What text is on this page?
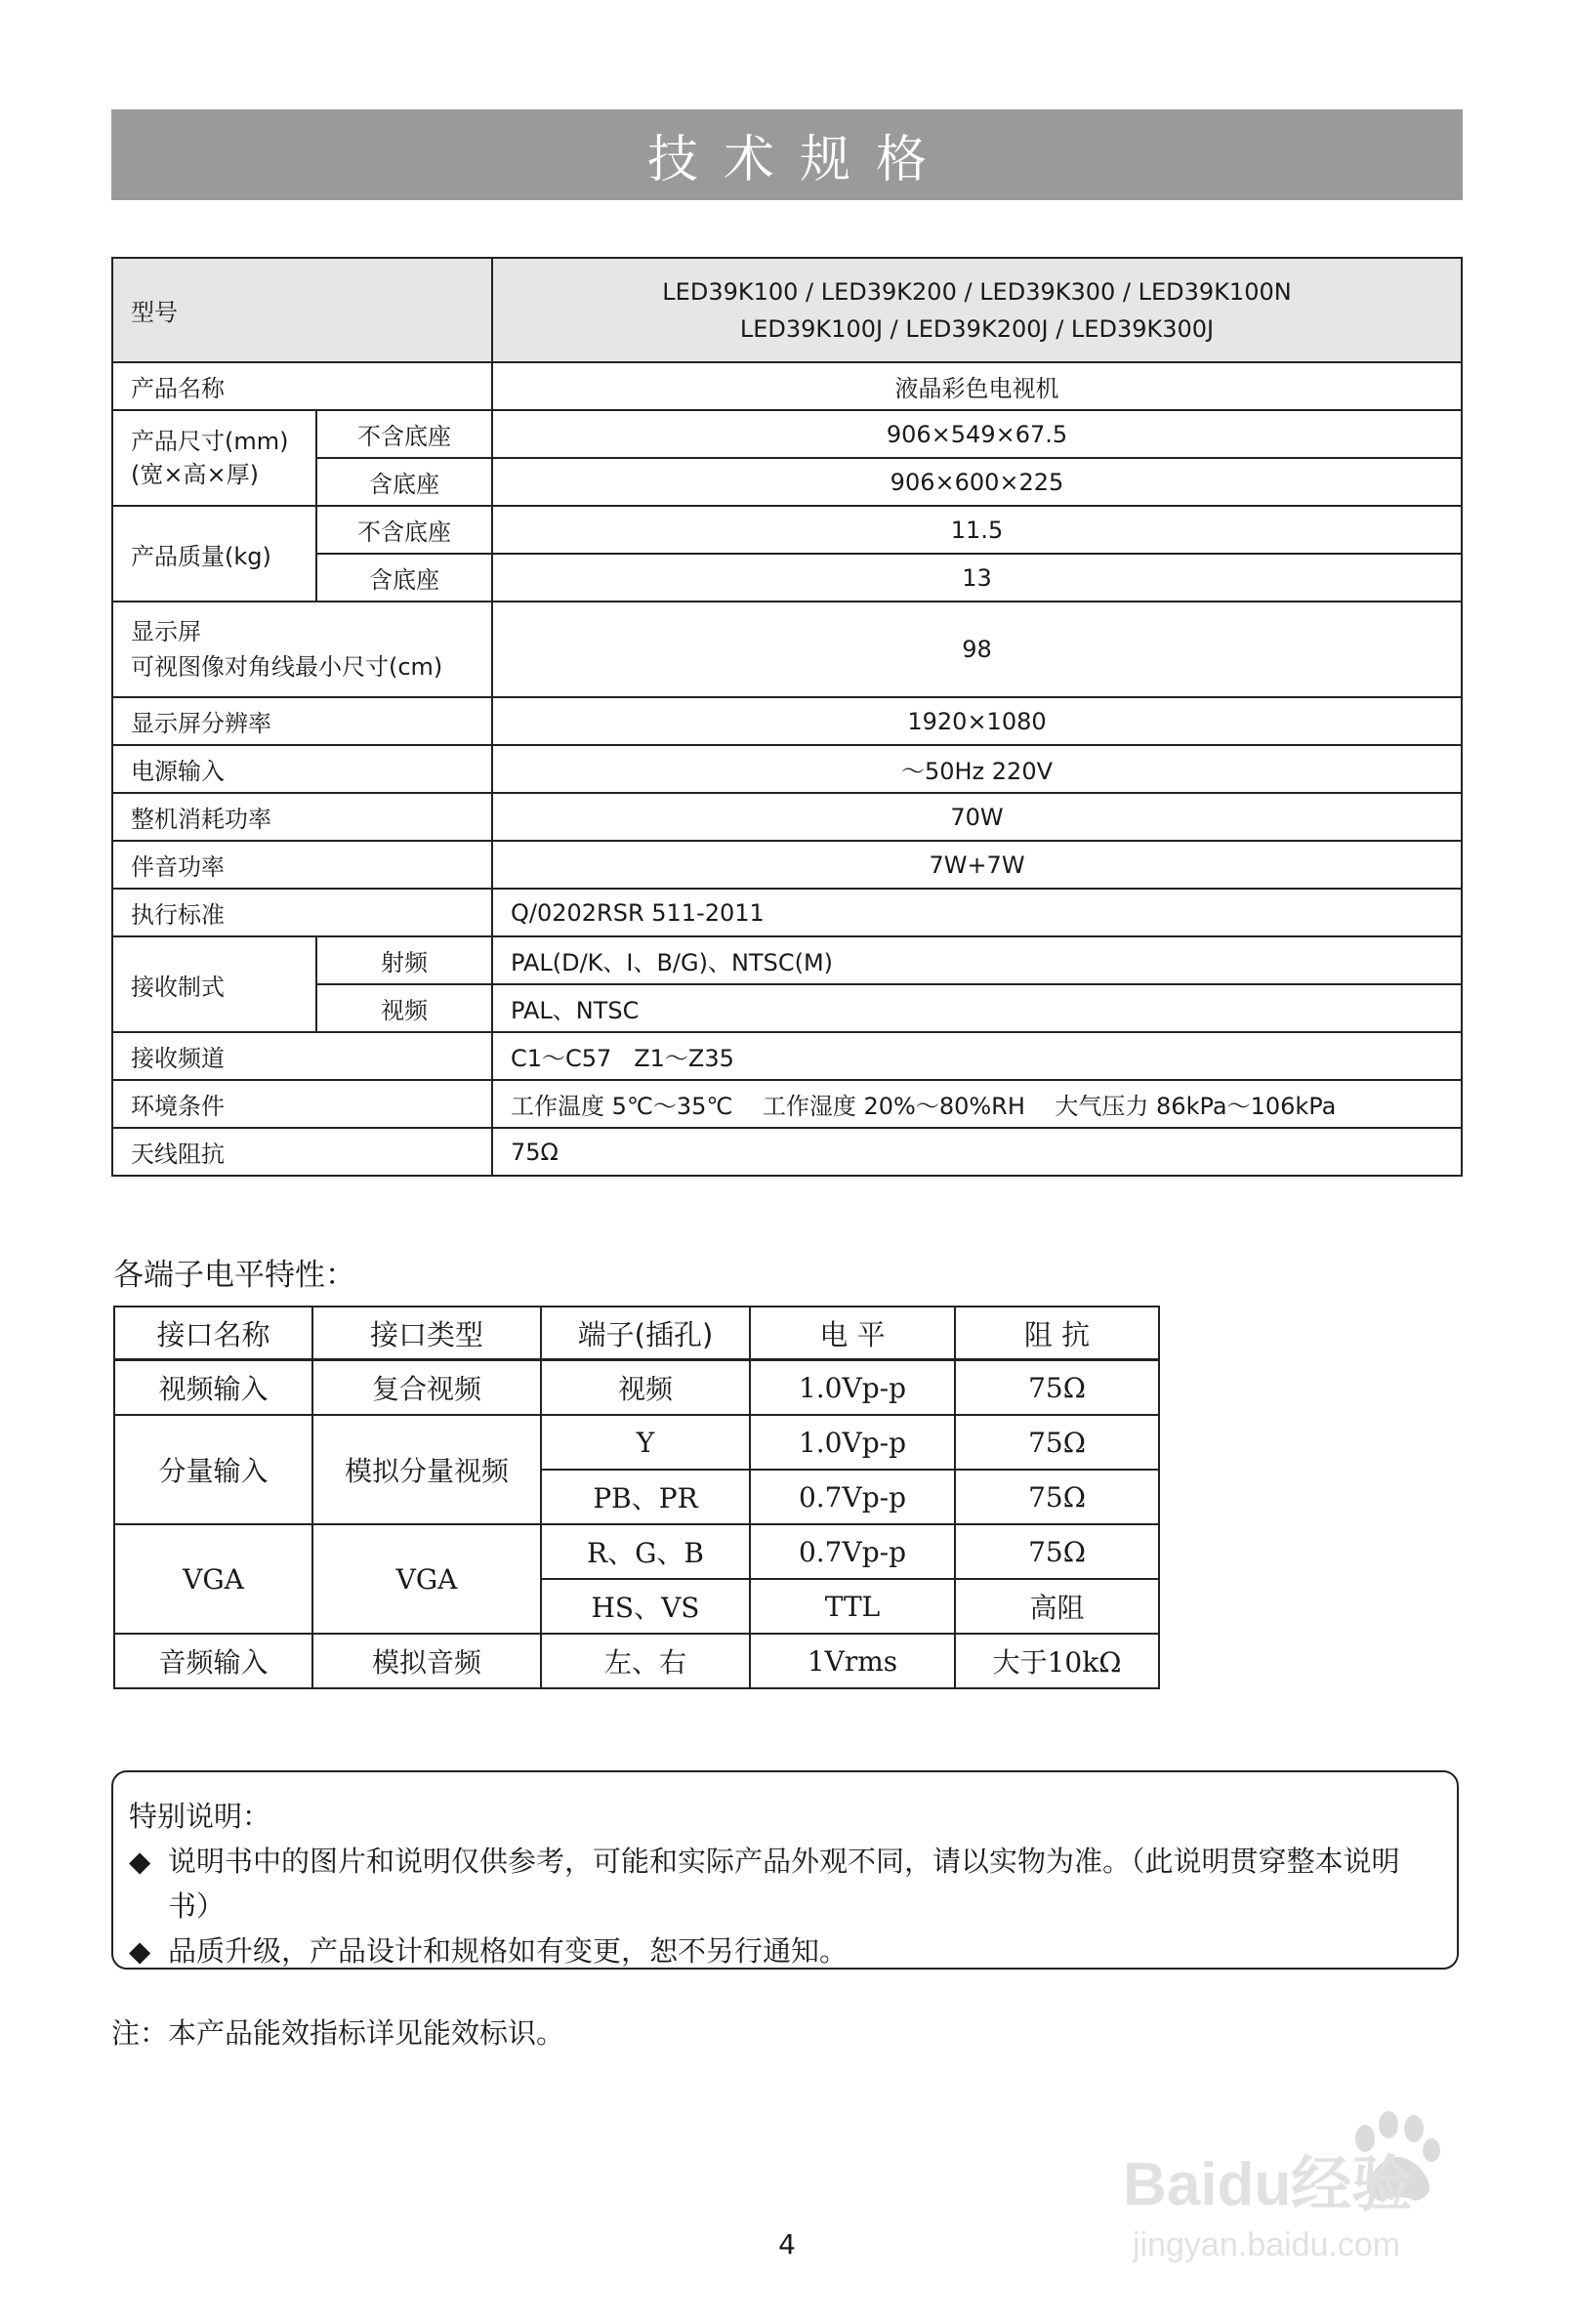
技术规格
型号		LED39K100 / LED39K200 / LED39K300 / LED39K100N
LED39K100J / LED39K200J / LED39K300J

产品名称		液晶彩色电视机

产品尺寸(mm)
(宽×高×厚)	不含底座	906×549×67.5
	含底座	906×600×225
产品质量(kg)	不含底座	11.5
	含底座	13

显示屏
可视图像对角线最小尺寸(cm)		98
显示屏分辨率		1920×1080
电源输入		～50Hz 220V
整机消耗功率		70W
伴音功率		7W+7W
执行标准		Q/0202RSR 511-2011
接收制式	射频	PAL(D/K、I、B/G)、NTSC(M)
	视频	PAL、NTSC
接收频道		C1～C57   Z1～Z35
环境条件		工作温度 5℃～35℃    工作湿度 20%～80%RH    大气压力 86kPa～106kPa
天线阻抗		75Ω
各端子电平特性：
接口名称	接口类型	端子(插孔)	电 平	阻 抗
视频输入	复合视频	视频	1.0Vp-p	75Ω
分量输入	模拟分量视频	Y	1.0Vp-p	75Ω
		PB、PR	0.7Vp-p	75Ω
VGA	VGA	R、G、B	0.7Vp-p	75Ω
		HS、VS	TTL	高阻
音频输入	模拟音频	左、右	1Vrms	大于10kΩ
特别说明：
◆ 说明书中的图片和说明仅供参考，可能和实际产品外观不同，请以实物为准。（此说明贯穿整本说明书）
◆ 品质升级，产品设计和规格如有变更，恕不另行通知。
注：本产品能效指标详见能效标识。
4
Baidu经验
jingyan.baidu.com
